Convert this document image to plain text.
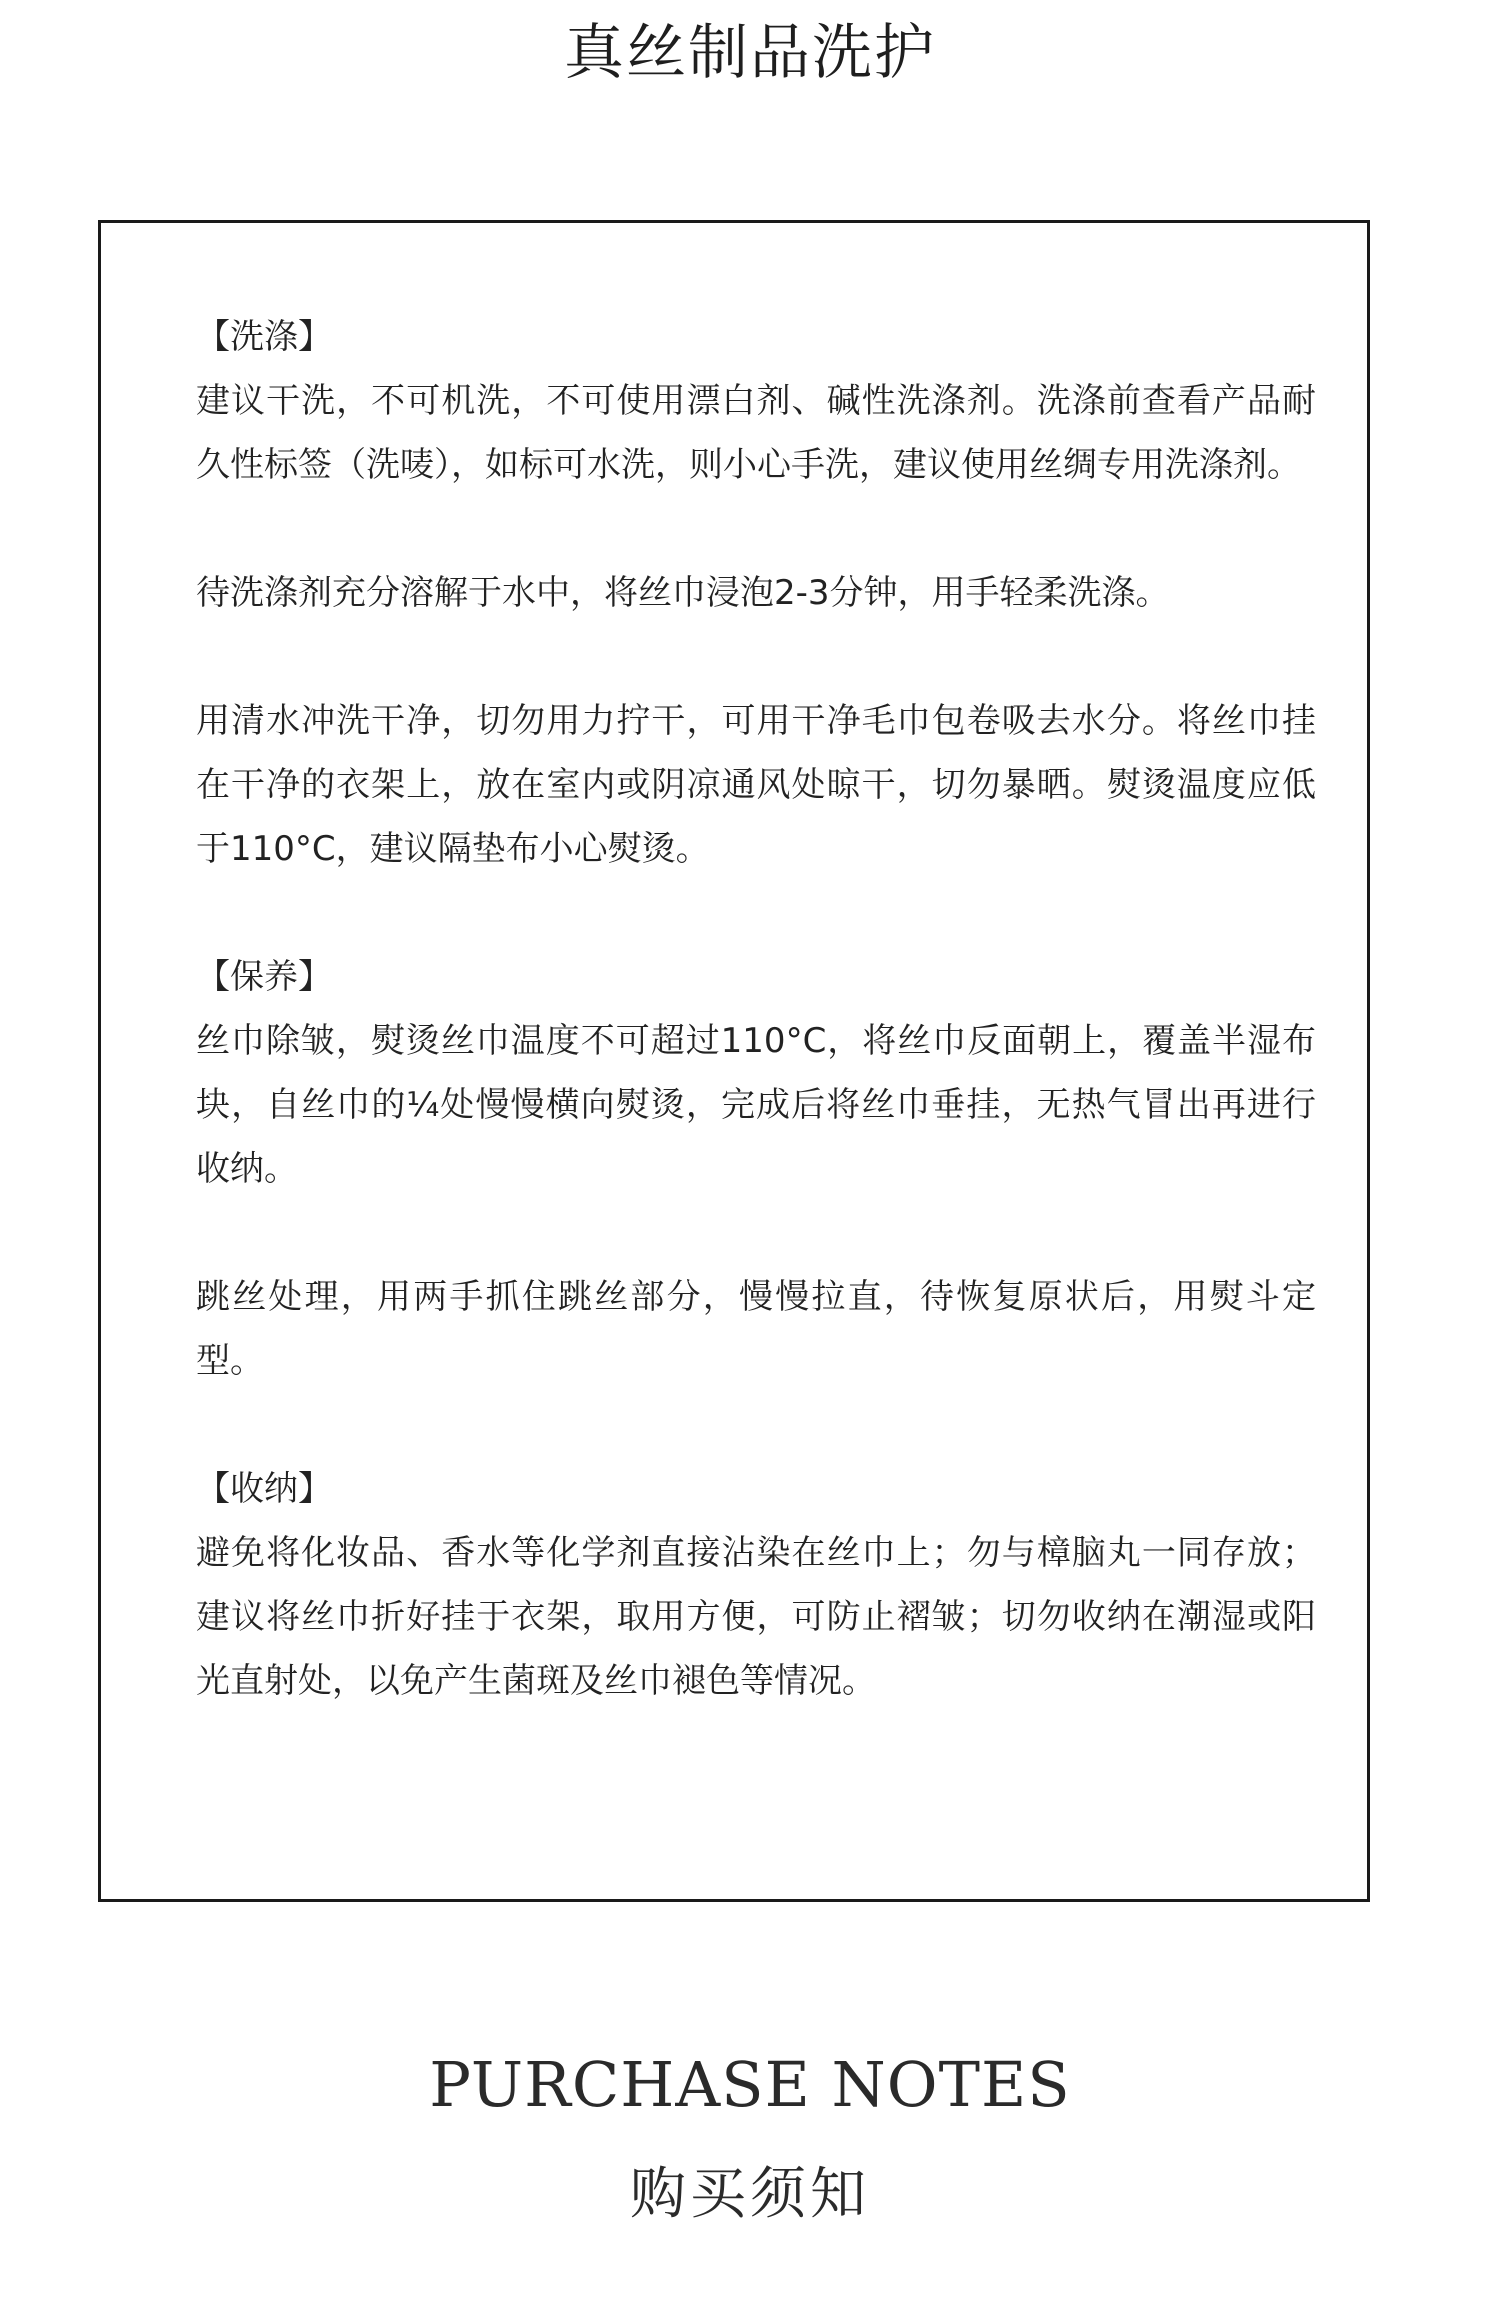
真丝制品洗护

【洗涤】

建议干洗，不可机洗，不可使用漂白剂、碱性洗涤剂。洗涤前查看产品耐久性标签（洗唛），如标可水洗，则小心手洗，建议使用丝绸专用洗涤剂。

待洗涤剂充分溶解于水中，将丝巾浸泡2-3分钟，用手轻柔洗涤。

用清水冲洗干净，切勿用力拧干，可用干净毛巾包卷吸去水分。将丝巾挂在干净的衣架上，放在室内或阴凉通风处晾干，切勿暴晒。熨烫温度应低于110°C，建议隔垫布小心熨烫。

【保养】

丝巾除皱，熨烫丝巾温度不可超过110°C，将丝巾反面朝上，覆盖半湿布块，自丝巾的¼处慢慢横向熨烫，完成后将丝巾垂挂，无热气冒出再进行收纳。

跳丝处理，用两手抓住跳丝部分，慢慢拉直，待恢复原状后，用熨斗定型。

【收纳】

避免将化妆品、香水等化学剂直接沾染在丝巾上；勿与樟脑丸一同存放；建议将丝巾折好挂于衣架，取用方便，可防止褶皱；切勿收纳在潮湿或阳光直射处，以免产生菌斑及丝巾褪色等情况。

PURCHASE NOTES
购买须知
